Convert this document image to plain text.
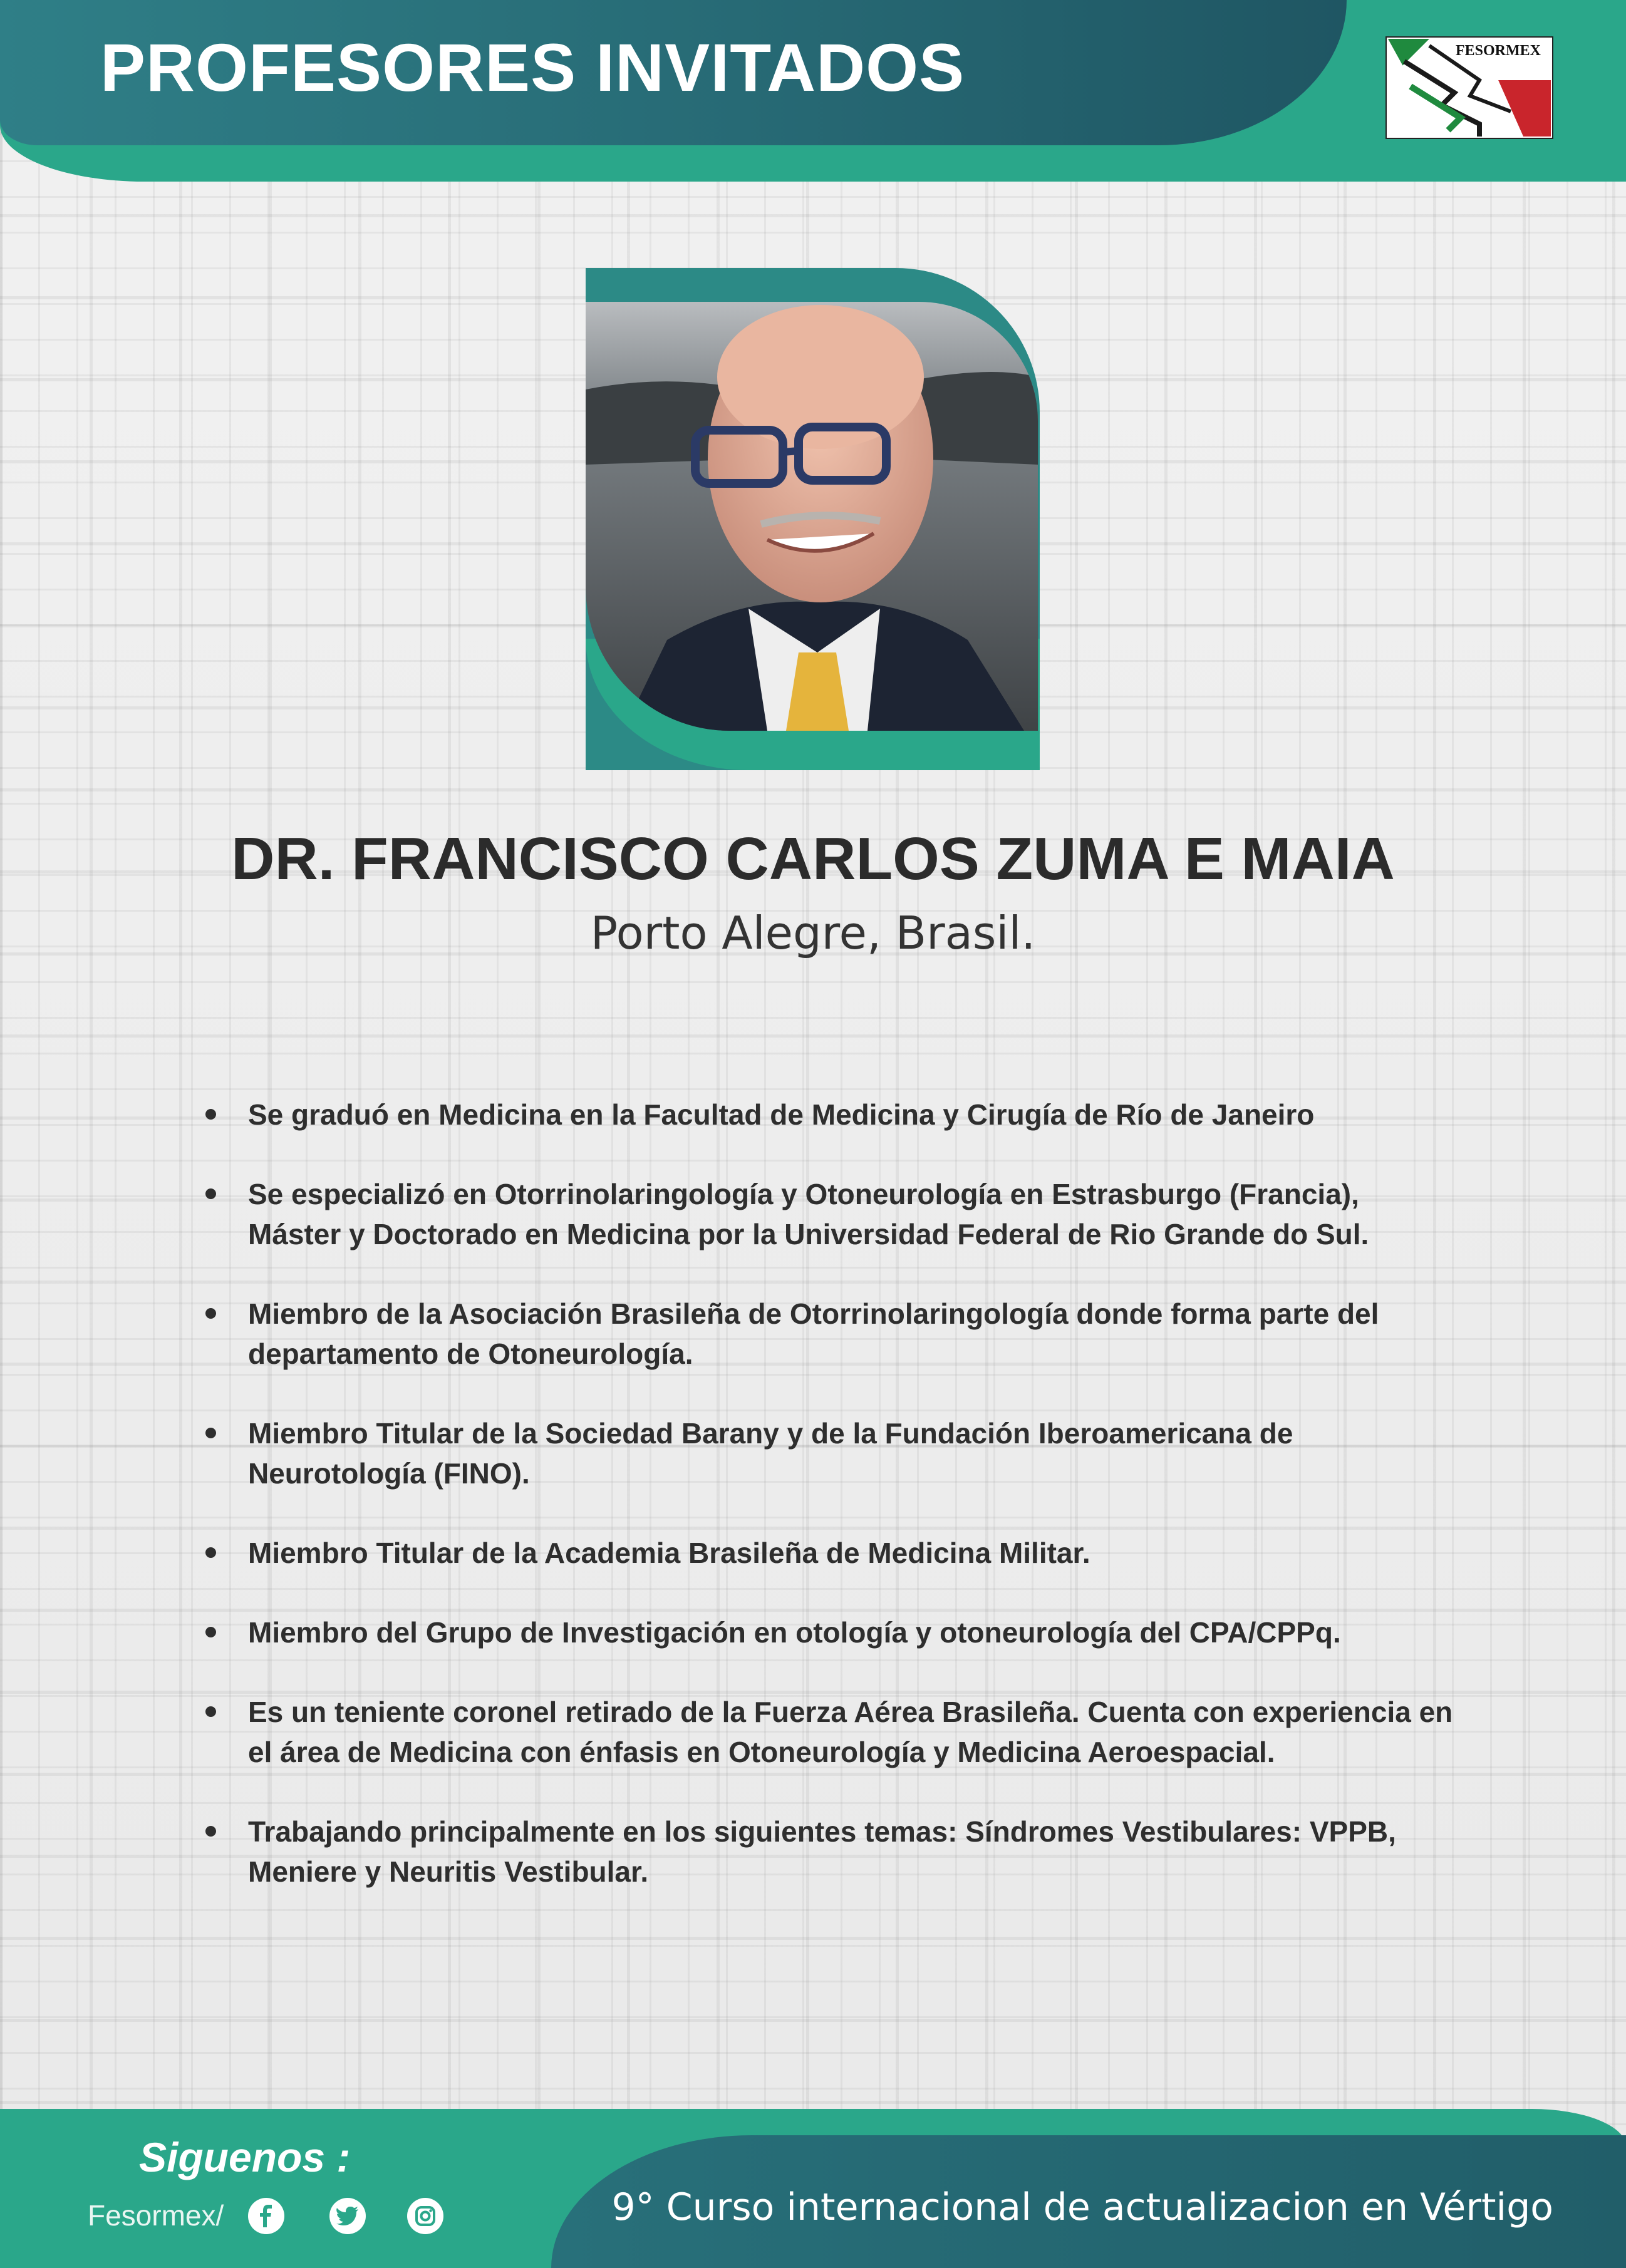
PROFESORES INVITADOS	FESORMEX
DR. FRANCISCO CARLOS ZUMA E MAIA

Porto Alegre, Brasil.

Se graduó en Medicina en la Facultad de Medicina y Cirugía de Río de Janeiro
Se especializó en Otorrinolaringología y Otoneurología en Estrasburgo (Francia), Máster y Doctorado en Medicina por la Universidad Federal de Rio Grande do Sul.
Miembro de la Asociación Brasileña de Otorrinolaringología donde forma parte del departamento de Otoneurología.
Miembro Titular de la Sociedad Barany y de la Fundación Iberoamericana de Neurotología (FINO).
Miembro Titular de la Academia Brasileña de Medicina Militar.
Miembro del Grupo de Investigación en otología y otoneurología del CPA/CPPq.
Es un teniente coronel retirado de la Fuerza Aérea Brasileña. Cuenta con experiencia en el área de Medicina con énfasis en Otoneurología y Medicina Aeroespacial.
Trabajando principalmente en los siguientes temas: Síndromes Vestibulares: VPPB, Meniere y Neuritis Vestibular.

Siguenos :

Fesormex/	9° Curso internacional de actualizacion en Vértigo
